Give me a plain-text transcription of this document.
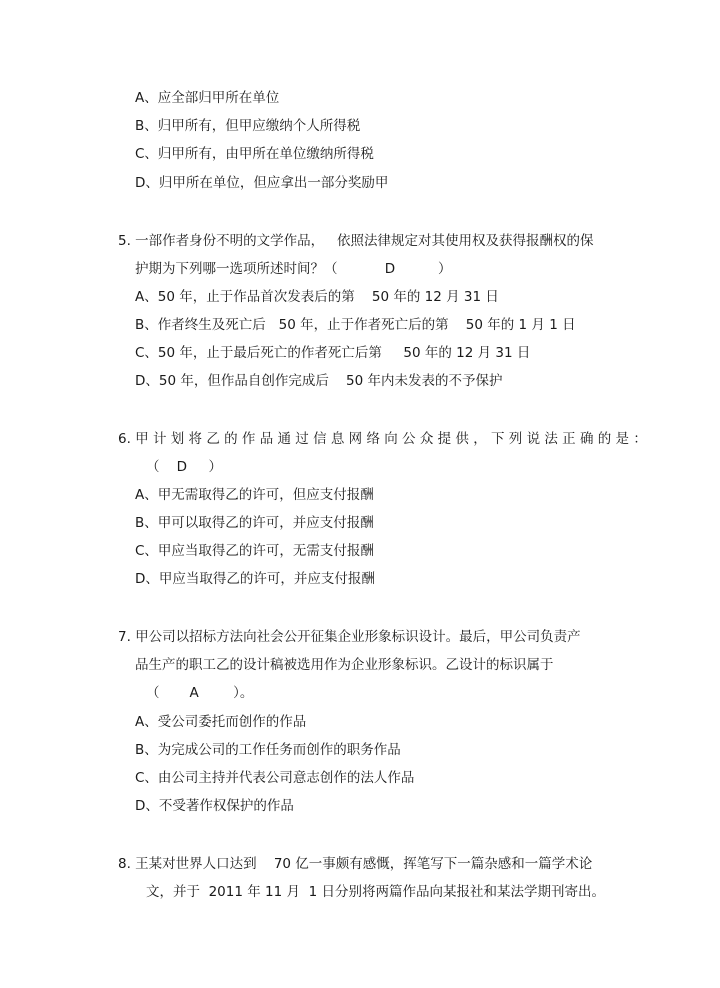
A、应全部归甲所在单位
B、归甲所有，但甲应缴纳个人所得税
C、归甲所有，由甲所在单位缴纳所得税
D、归甲所在单位，但应拿出一部分奖励甲
5. 一部作者身份不明的文学作品，   依照法律规定对其使用权及获得报酬权的保
护期为下列哪一选项所述时间？（           D          ）
A、50 年，止于作品首次发表后的第    50 年的 12 月 31 日
B、作者终生及死亡后   50 年，止于作者死亡后的第    50 年的 1 月 1 日
C、50 年，止于最后死亡的作者死亡后第     50 年的 12 月 31 日
D、50 年，但作品自创作完成后    50 年内未发表的不予保护
6. 甲 计 划 将 乙 的 作 品 通 过 信 息 网 络 向 公 众 提 供 ， 下 列 说 法 正 确 的 是 ：
（    D     ）
A、甲无需取得乙的许可，但应支付报酬
B、甲可以取得乙的许可，并应支付报酬
C、甲应当取得乙的许可，无需支付报酬
D、甲应当取得乙的许可，并应支付报酬
7. 甲公司以招标方法向社会公开征集企业形象标识设计。最后，甲公司负责产
品生产的职工乙的设计稿被选用作为企业形象标识。乙设计的标识属于
（       A        ）。
A、受公司委托而创作的作品
B、为完成公司的工作任务而创作的职务作品
C、由公司主持并代表公司意志创作的法人作品
D、不受著作权保护的作品
8. 王某对世界人口达到    70 亿一事颇有感慨，挥笔写下一篇杂感和一篇学术论
文，并于  2011 年 11 月  1 日分别将两篇作品向某报社和某法学期刊寄出。
